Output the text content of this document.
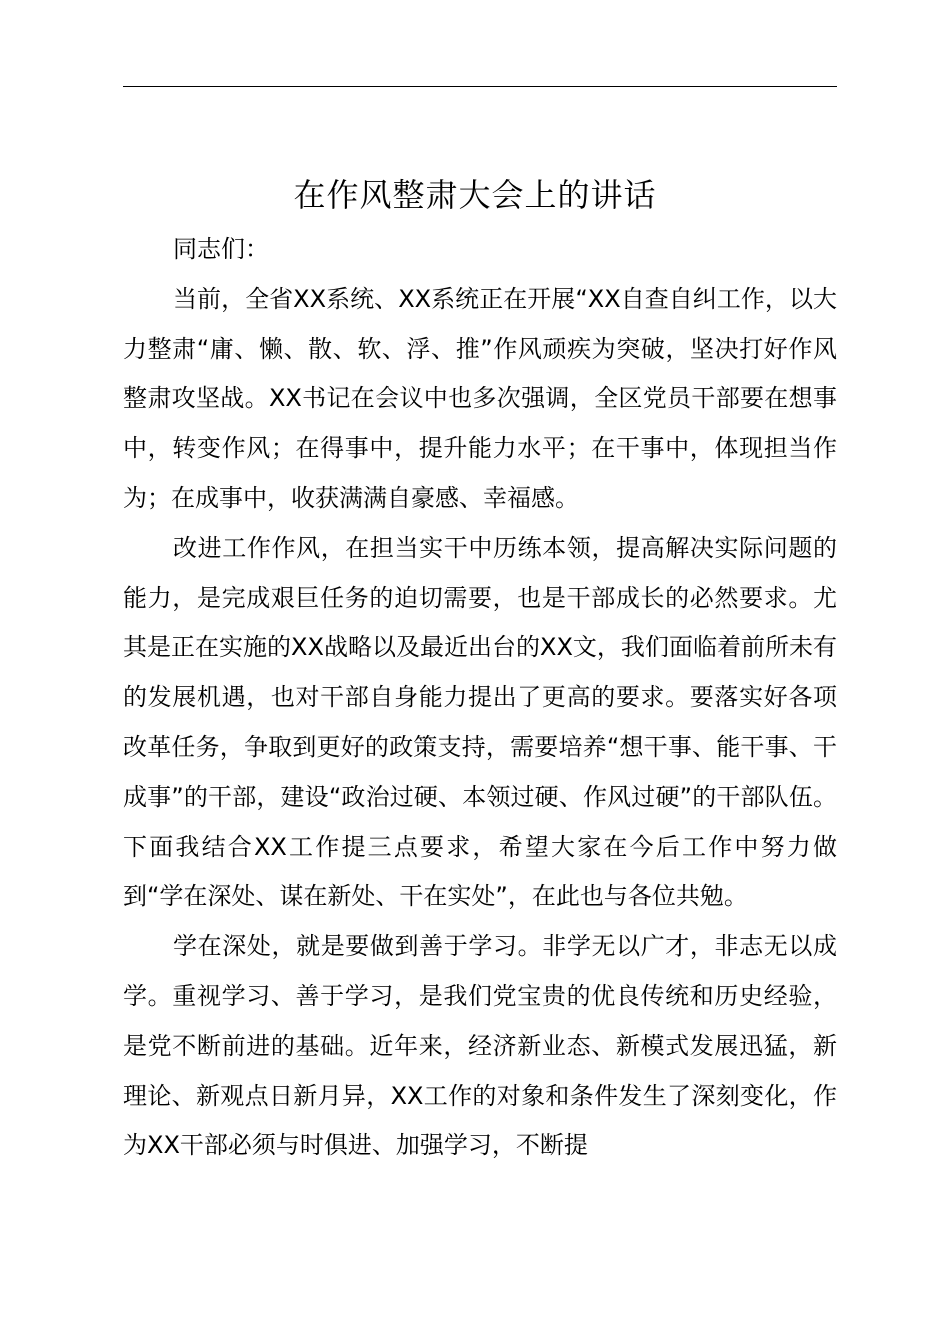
在作风整肃大会上的讲话

同志们：

当前，全省XX系统、XX系统正在开展“XX自查自纠工作，以大力整肃“庸、懒、散、软、浮、推”作风顽疾为突破，坚决打好作风整肃攻坚战。XX书记在会议中也多次强调，全区党员干部要在想事中，转变作风；在得事中，提升能力水平；在干事中，体现担当作为；在成事中，收获满满自豪感、幸福感。

改进工作作风，在担当实干中历练本领，提高解决实际问题的能力，是完成艰巨任务的迫切需要，也是干部成长的必然要求。尤其是正在实施的XX战略以及最近出台的XX文，我们面临着前所未有的发展机遇，也对干部自身能力提出了更高的要求。要落实好各项改革任务，争取到更好的政策支持，需要培养“想干事、能干事、干成事”的干部，建设“政治过硬、本领过硬、作风过硬”的干部队伍。下面我结合XX工作提三点要求，希望大家在今后工作中努力做到“学在深处、谋在新处、干在实处”，在此也与各位共勉。

学在深处，就是要做到善于学习。非学无以广才，非志无以成学。重视学习、善于学习，是我们党宝贵的优良传统和历史经验，是党不断前进的基础。近年来，经济新业态、新模式发展迅猛，新理论、新观点日新月异，XX工作的对象和条件发生了深刻变化，作为XX干部必须与时俱进、加强学习，不断提
